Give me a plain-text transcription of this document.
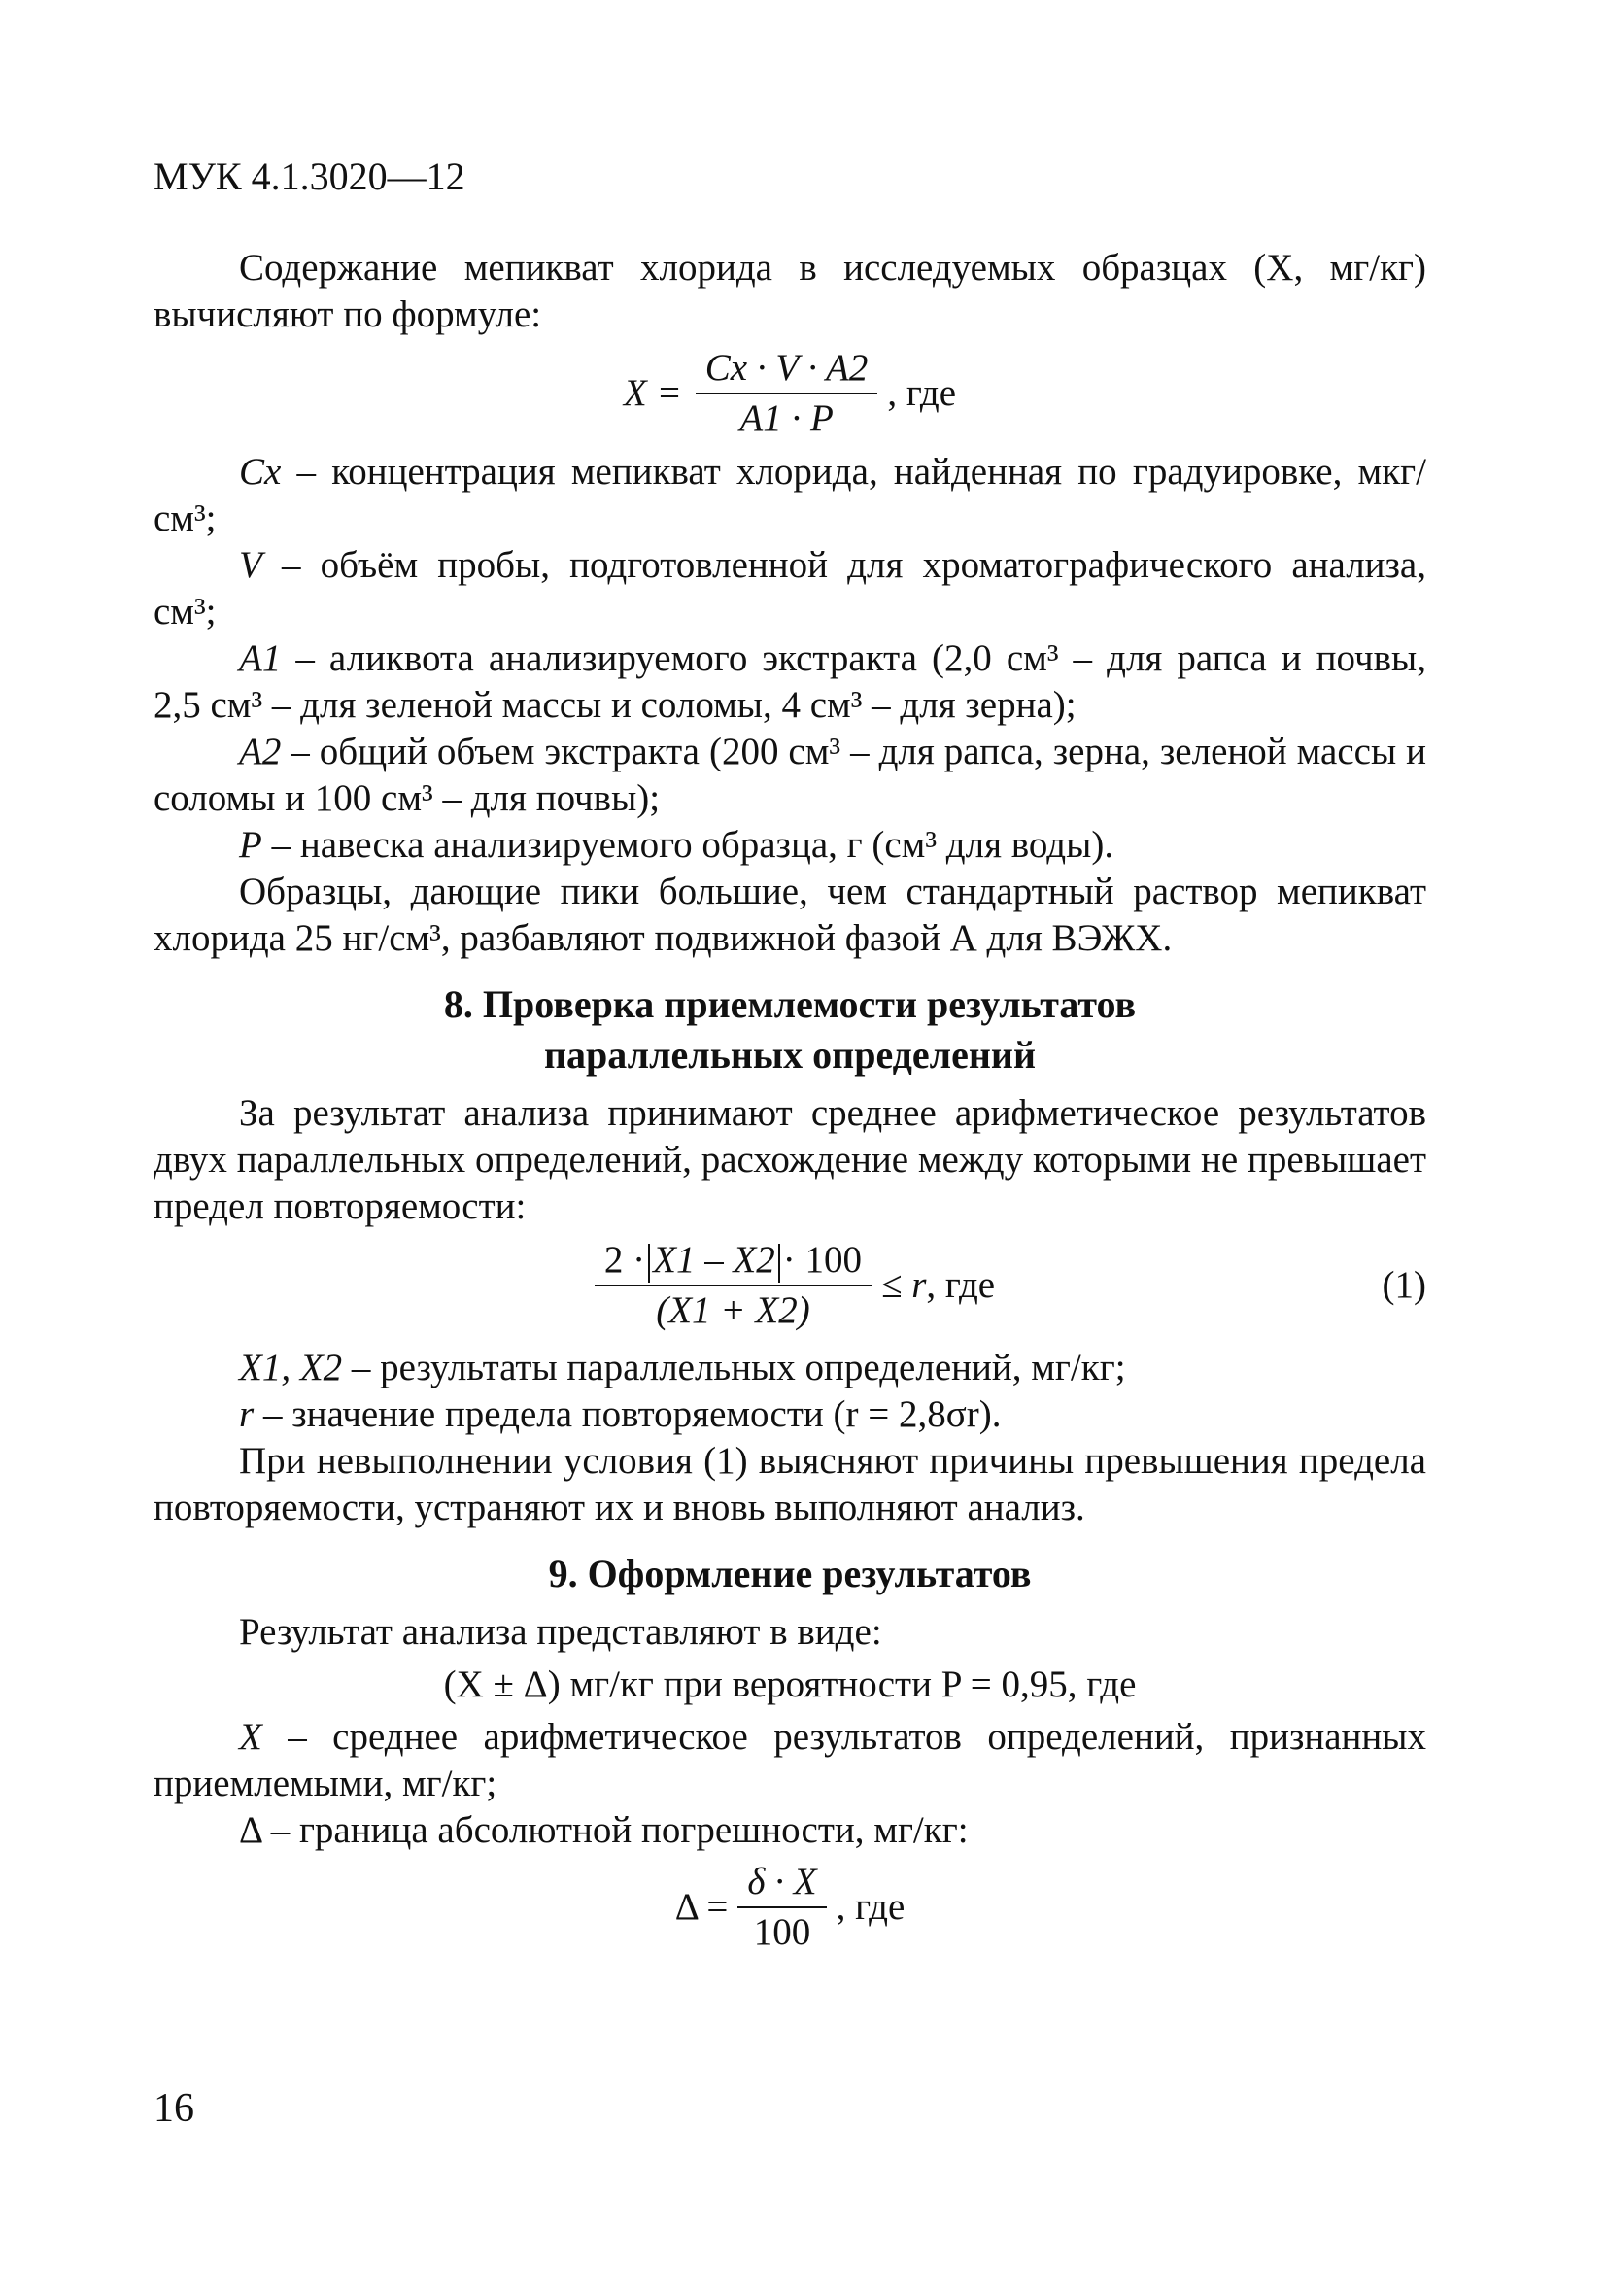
МУК 4.1.3020—12

Содержание мепикват хлорида в исследуемых образцах (X, мг/кг) вычисляют по формуле:

$X = \frac{Cx \cdot V \cdot A2}{A1 \cdot P}$ , где

Cx – концентрация мепикват хлорида, найденная по градуировке, мкг/см³;

V – объём пробы, подготовленной для хроматографического анализа, см³;

A1 – аликвота анализируемого экстракта (2,0 см³ – для рапса и почвы, 2,5 см³ – для зеленой массы и соломы, 4 см³ – для зерна);

A2 – общий объем экстракта (200 см³ – для рапса, зерна, зеленой массы и соломы и 100 см³ – для почвы);

P – навеска анализируемого образца, г (см³ для воды).

Образцы, дающие пики большие, чем стандартный раствор мепикват хлорида 25 нг/см³, разбавляют подвижной фазой А для ВЭЖХ.

8. Проверка приемлемости результатов

параллельных определений

За результат анализа принимают среднее арифметическое результатов двух параллельных определений, расхождение между которыми не превышает предел повторяемости:

$\frac{2 \cdot X1 - X2 \cdot 100}{(X1 + X2)} \le r$ , где	(1)

X1, X2 – результаты параллельных определений, мг/кг;

r – значение предела повторяемости (r = 2,8σr).

При невыполнении условия (1) выясняют причины превышения предела повторяемости, устраняют их и вновь выполняют анализ.

9. Оформление результатов

Результат анализа представляют в виде:

(X ± Δ) мг/кг при вероятности P = 0,95, где

X – среднее арифметическое результатов определений, признанных приемлемыми, мг/кг;

Δ – граница абсолютной погрешности, мг/кг:

$\Delta = \frac{\delta \cdot X}{100}$ , где
16
